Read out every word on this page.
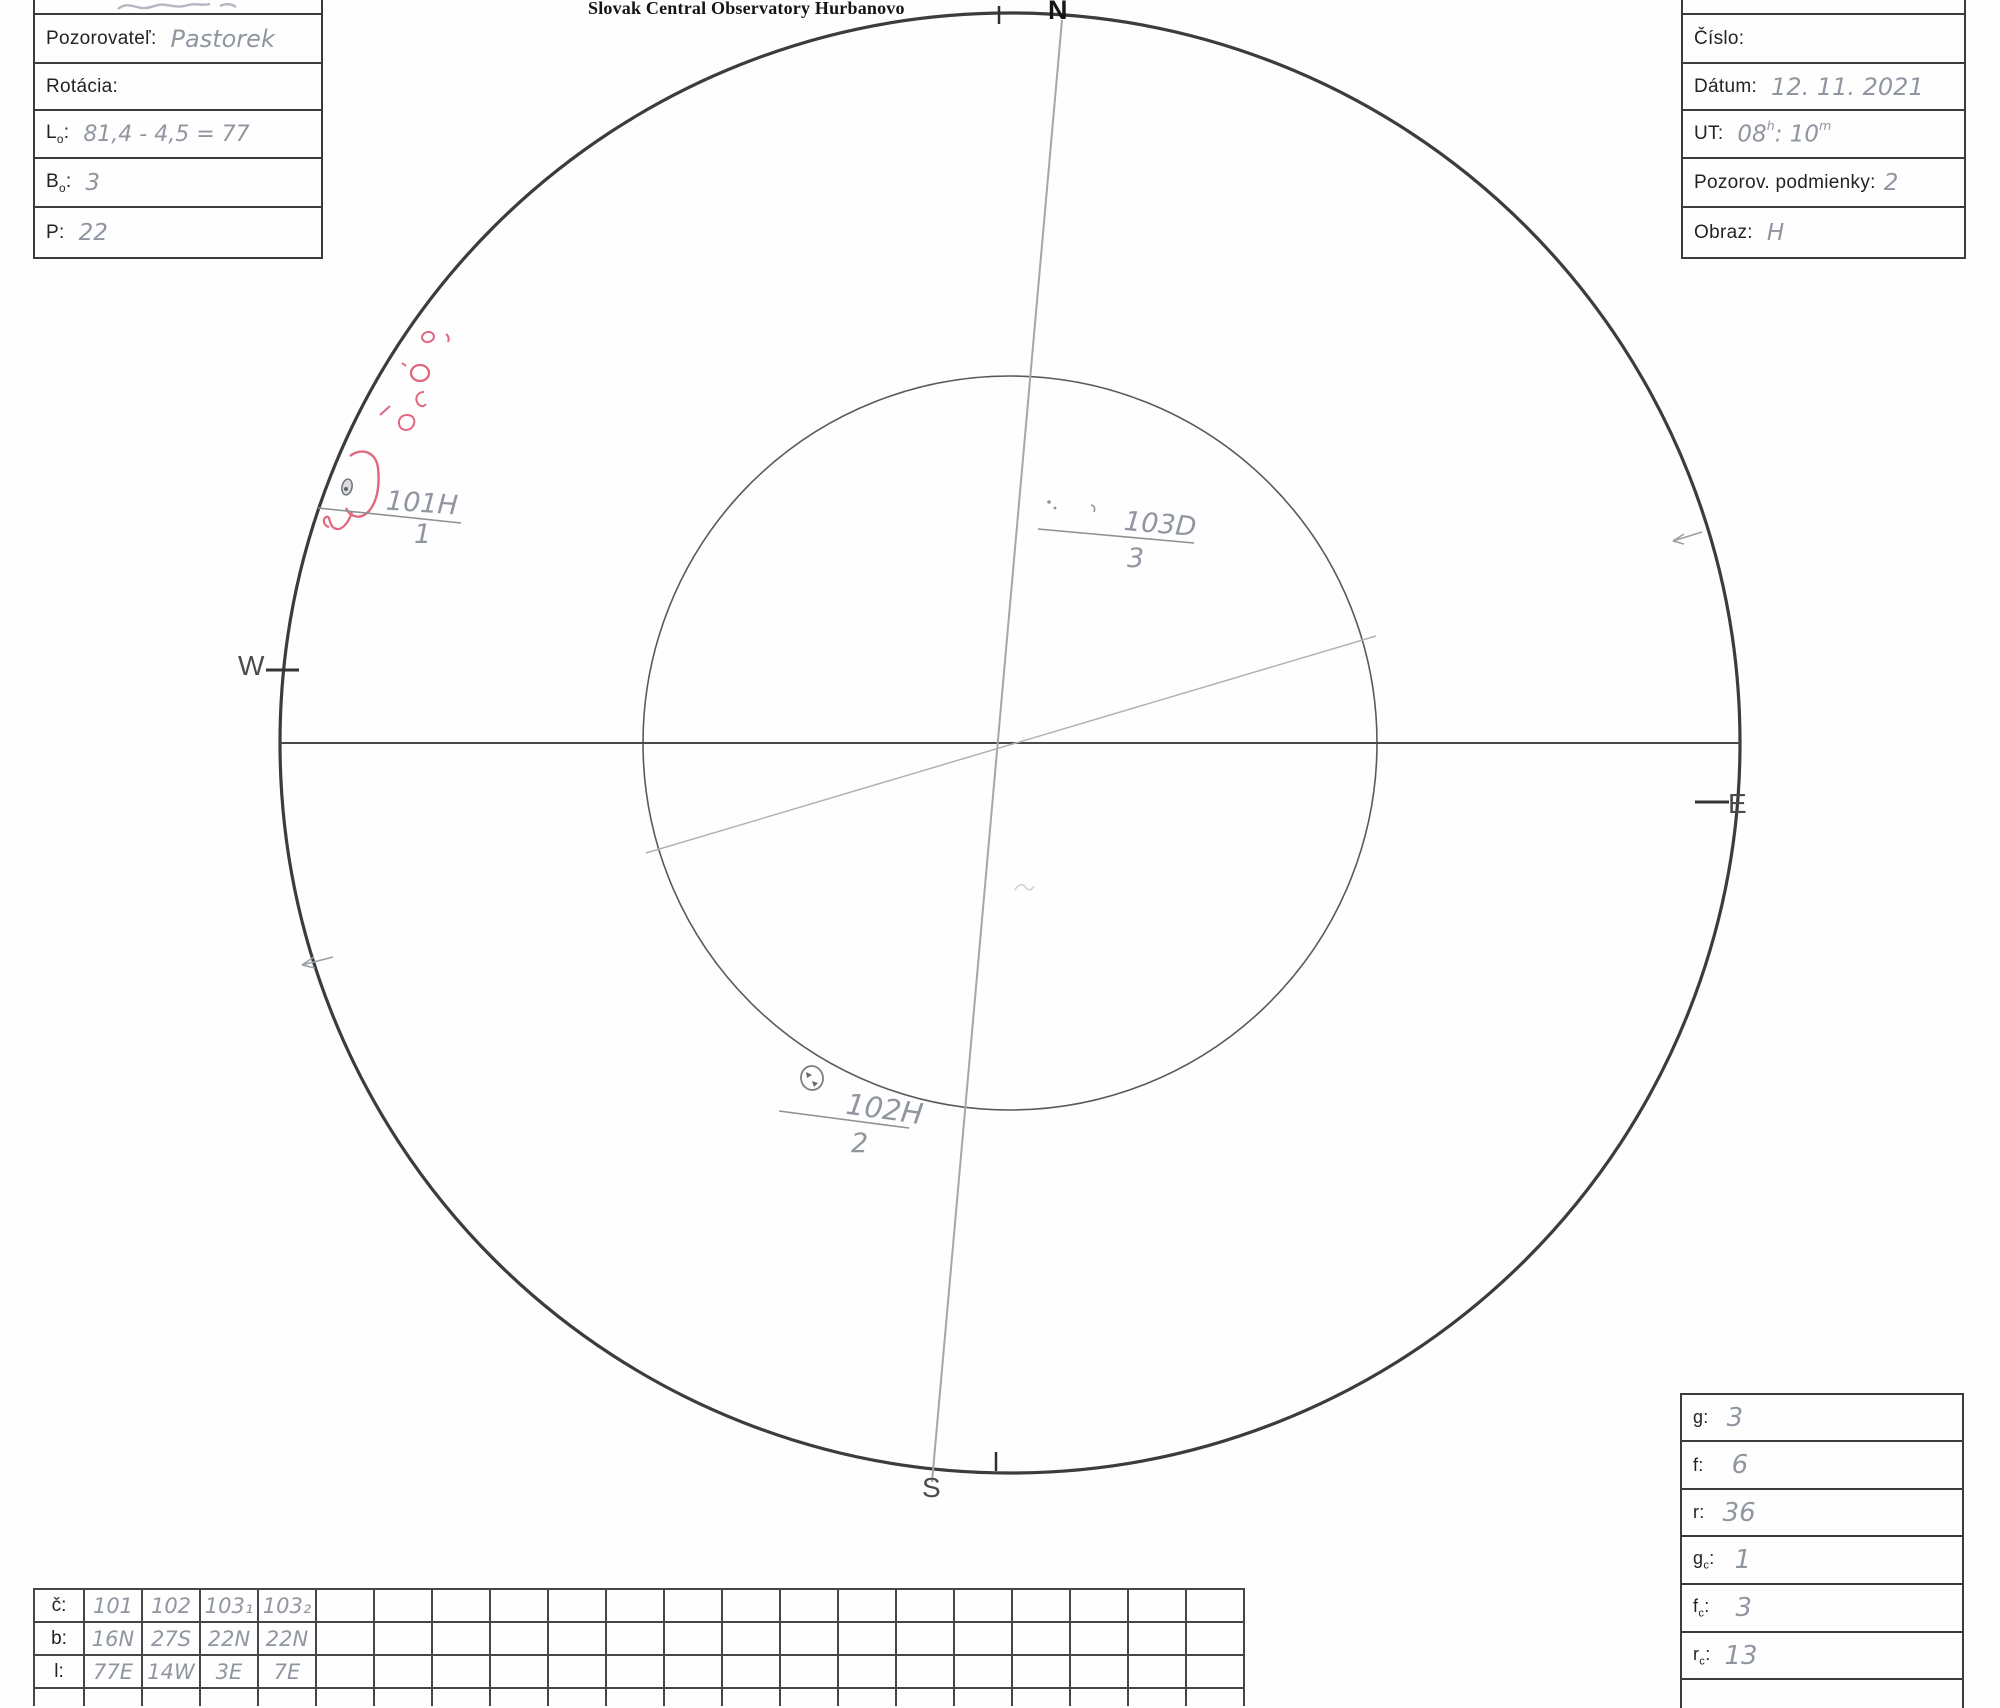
Slovak Central Observatory Hurbanovo	N
S
W
E
101H
1	103D
3
102H
2
Pozorovateľ: Pastorek
Rotácia:
$L_o$: 81,4 - 4,5 = 77
$B_o$: 3
P: 22
Číslo:
Dátum: 12. 11. 2021
UT: 08$^h$: 10$^m$
Pozorov. podmienky: 2
Obraz: H
g: 3
f: 6
r: 36
$g_c$: 1
$f_c$: 3
$r_c$: 13
č:	101	102	103₁	103₂																
b:	16N	27S	22N	22N																
l:	77E	14W	3E	7E																
